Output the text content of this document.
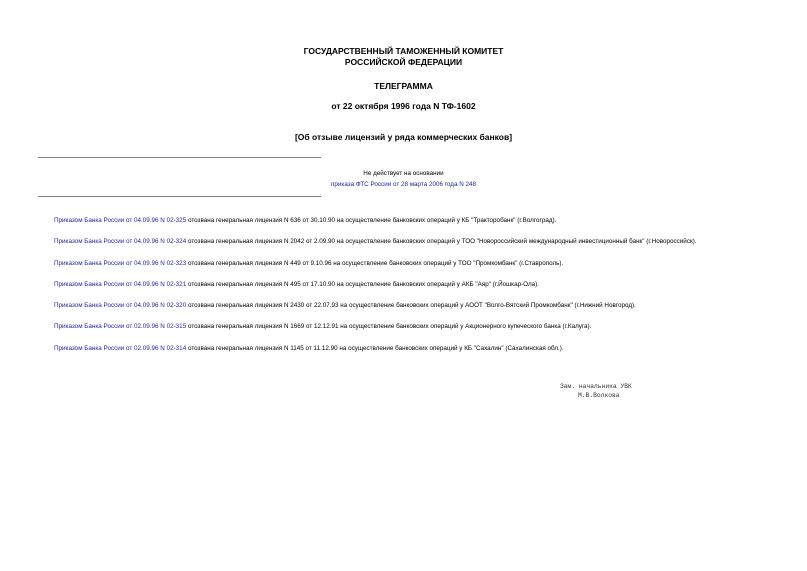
ГОСУДАРСТВЕННЫЙ ТАМОЖЕННЫЙ КОМИТЕТ
РОССИЙСКОЙ ФЕДЕРАЦИИ
ТЕЛЕГРАММА
от 22 октября 1996 года N ТФ-1602
[Об отзыве лицензий у ряда коммерческих банков]
Не действует на основании
приказа ФТС России от 28 марта 2006 года N 248

Приказом Банка России от 04.09.96 N 02-325 отозвана генеральная лицензия N 636 от 30.10.90 на осуществление банковских операций у КБ "Тракторобанк" (г.Волгоград).

Приказом Банка России от 04.09.96 N 02-324 отозвана генеральная лицензия N 2042 от 2.09.90 на осуществление банковских операций у ТОО "Новороссийский международный инвестиционный банк" (г.Новороссийск).

Приказом Банка России от 04.09.96 N 02-323 отозвана генеральная лицензия N 449 от 9.10.96 на осуществление банковских операций у ТОО "Промкомбанк" (г.Ставрополь).

Приказом Банка России от 04.09.96 N 02-321 отозвана генеральная лицензия N 495 от 17.10.90 на осуществление банковских операций у АКБ "Аяр" (г.Йошкар-Ола).

Приказом Банка России от 04.09.96 N 02-320 отозвана генеральная лицензия N 2430 от 22.07.93 на осуществление банковских операций у АООТ "Волго-Вятский Промкомбанк" (г.Нижний Новгород).

Приказом Банка России от 02.09.96 N 02-315 отозвана генеральная лицензия N 1669 от 12.12.91 на осуществление банковских операций у Акционерного купеческого банка (г.Калуга).

Приказом Банка России от 02.09.96 N 02-314 отозвана генеральная лицензия N 1145 от 11.12.90 на осуществление банковских операций у КБ "Сахалин" (Сахалинская обл.).

Зам. начальника УВК
М.В.Волкова
